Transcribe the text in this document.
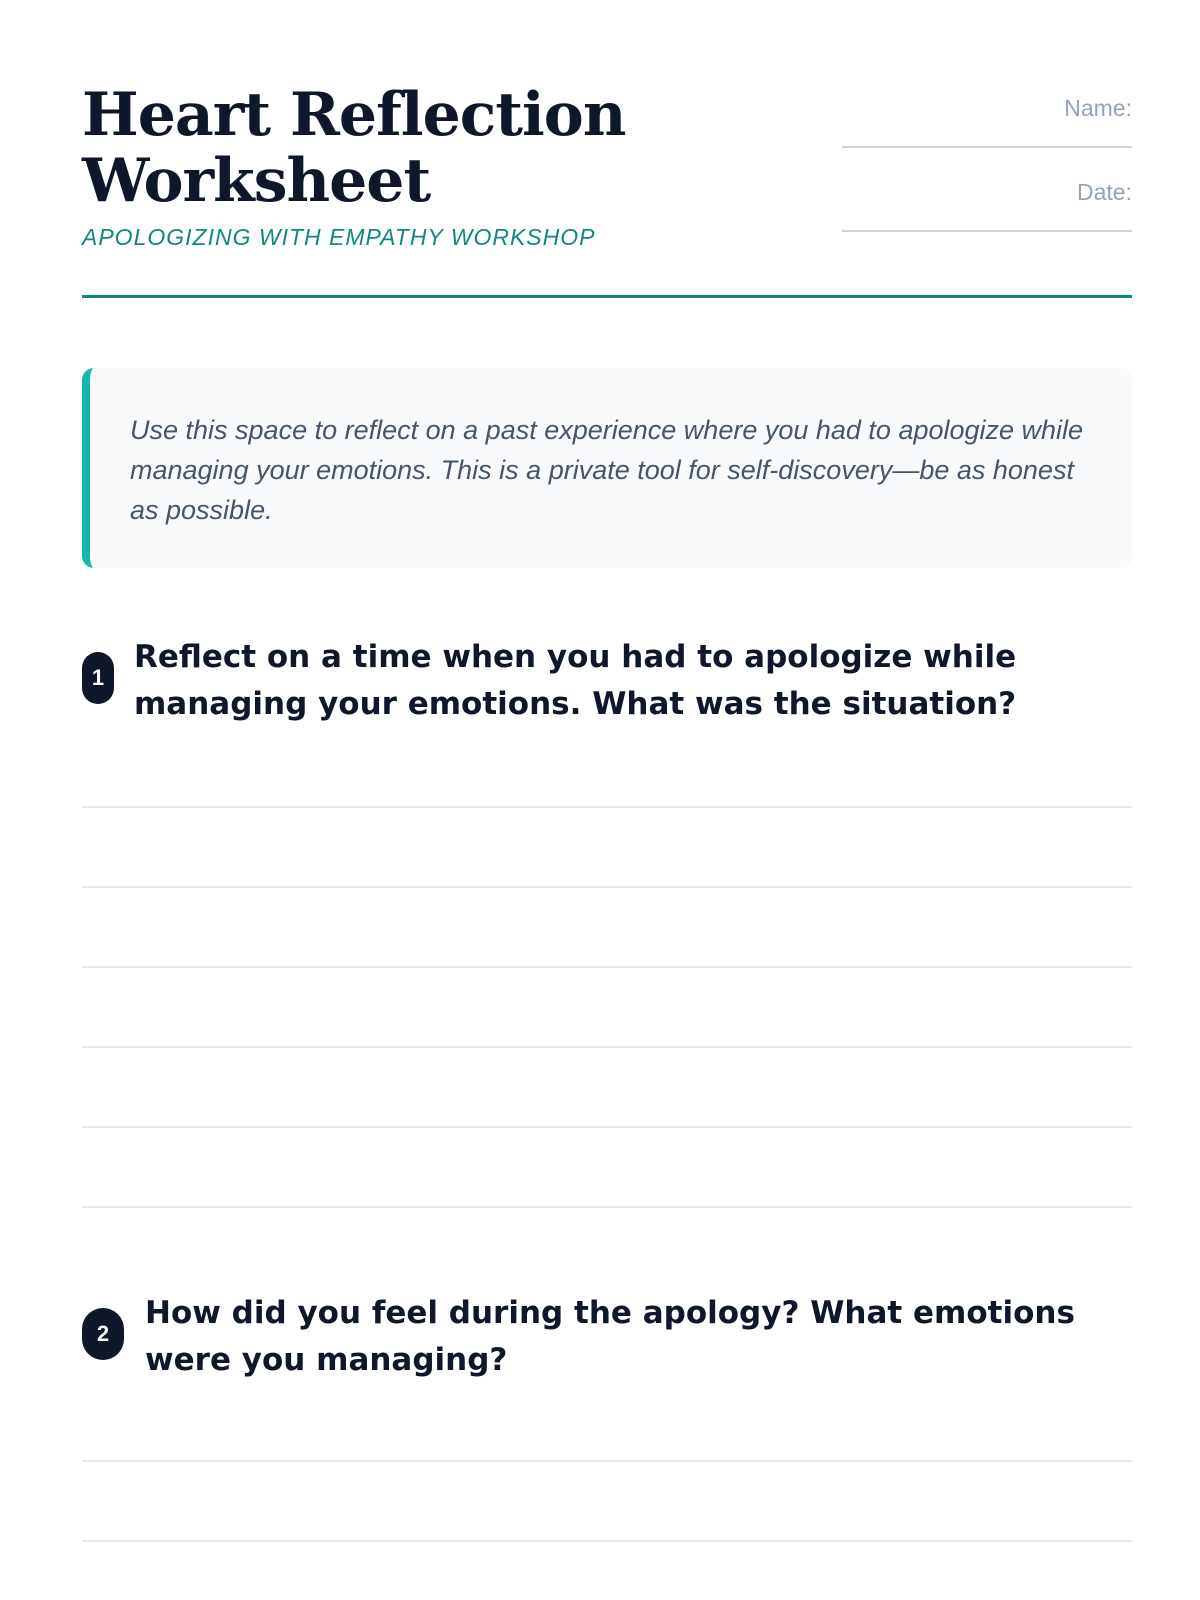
Heart Reflection
Worksheet
APOLOGIZING WITH EMPATHY WORKSHOP
Name:
Date:

Use this space to reflect on a past experience where you had to apologize while managing your emotions. This is a private tool for self-discovery—be as honest as possible.

1

Reflect on a time when you had to apologize while managing your emotions. What was the situation?

2

How did you feel during the apology? What emotions were you managing?
